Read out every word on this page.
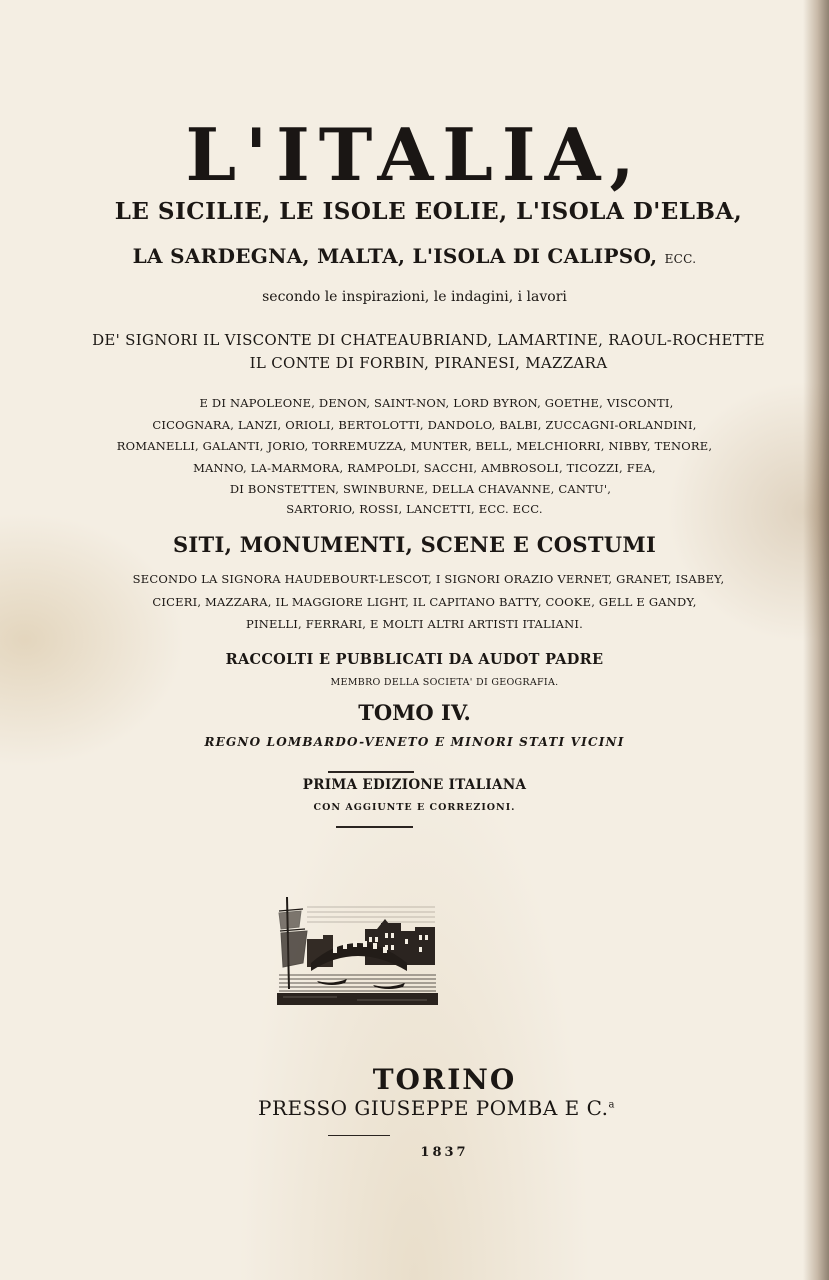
L'ITALIA,
LE SICILIE, LE ISOLE EOLIE, L'ISOLA D'ELBA,
LA SARDEGNA, MALTA, L'ISOLA DI CALIPSO, ECC.
secondo le inspirazioni, le indagini, i lavori
DE' SIGNORI IL VISCONTE DI CHATEAUBRIAND, LAMARTINE, RAOUL-ROCHETTE
IL CONTE DI FORBIN, PIRANESI, MAZZARA
E DI NAPOLEONE, DENON, SAINT-NON, LORD BYRON, GOETHE, VISCONTI,
CICOGNARA, LANZI, ORIOLI, BERTOLOTTI, DANDOLO, BALBI, ZUCCAGNI-ORLANDINI,
ROMANELLI, GALANTI, JORIO, TORREMUZZA, MUNTER, BELL, MELCHIORRI, NIBBY, TENORE,
MANNO, LA-MARMORA, RAMPOLDI, SACCHI, AMBROSOLI, TICOZZI, FEA,
DI BONSTETTEN, SWINBURNE, DELLA CHAVANNE, CANTU',
SARTORIO, ROSSI, LANCETTI, ECC. ECC.
SITI, MONUMENTI, SCENE E COSTUMI
SECONDO LA SIGNORA HAUDEBOURT-LESCOT, I SIGNORI ORAZIO VERNET, GRANET, ISABEY,
CICERI, MAZZARA, IL MAGGIORE LIGHT, IL CAPITANO BATTY, COOKE, GELL E GANDY,
PINELLI, FERRARI, E MOLTI ALTRI ARTISTI ITALIANI.
RACCOLTI E PUBBLICATI DA AUDOT PADRE
MEMBRO DELLA SOCIETA' DI GEOGRAFIA.
TOMO IV.
REGNO LOMBARDO-VENETO E MINORI STATI VICINI
PRIMA EDIZIONE ITALIANA
CON AGGIUNTE E CORREZIONI.
TORINO
PRESSO GIUSEPPE POMBA E C.$^a$
1837
